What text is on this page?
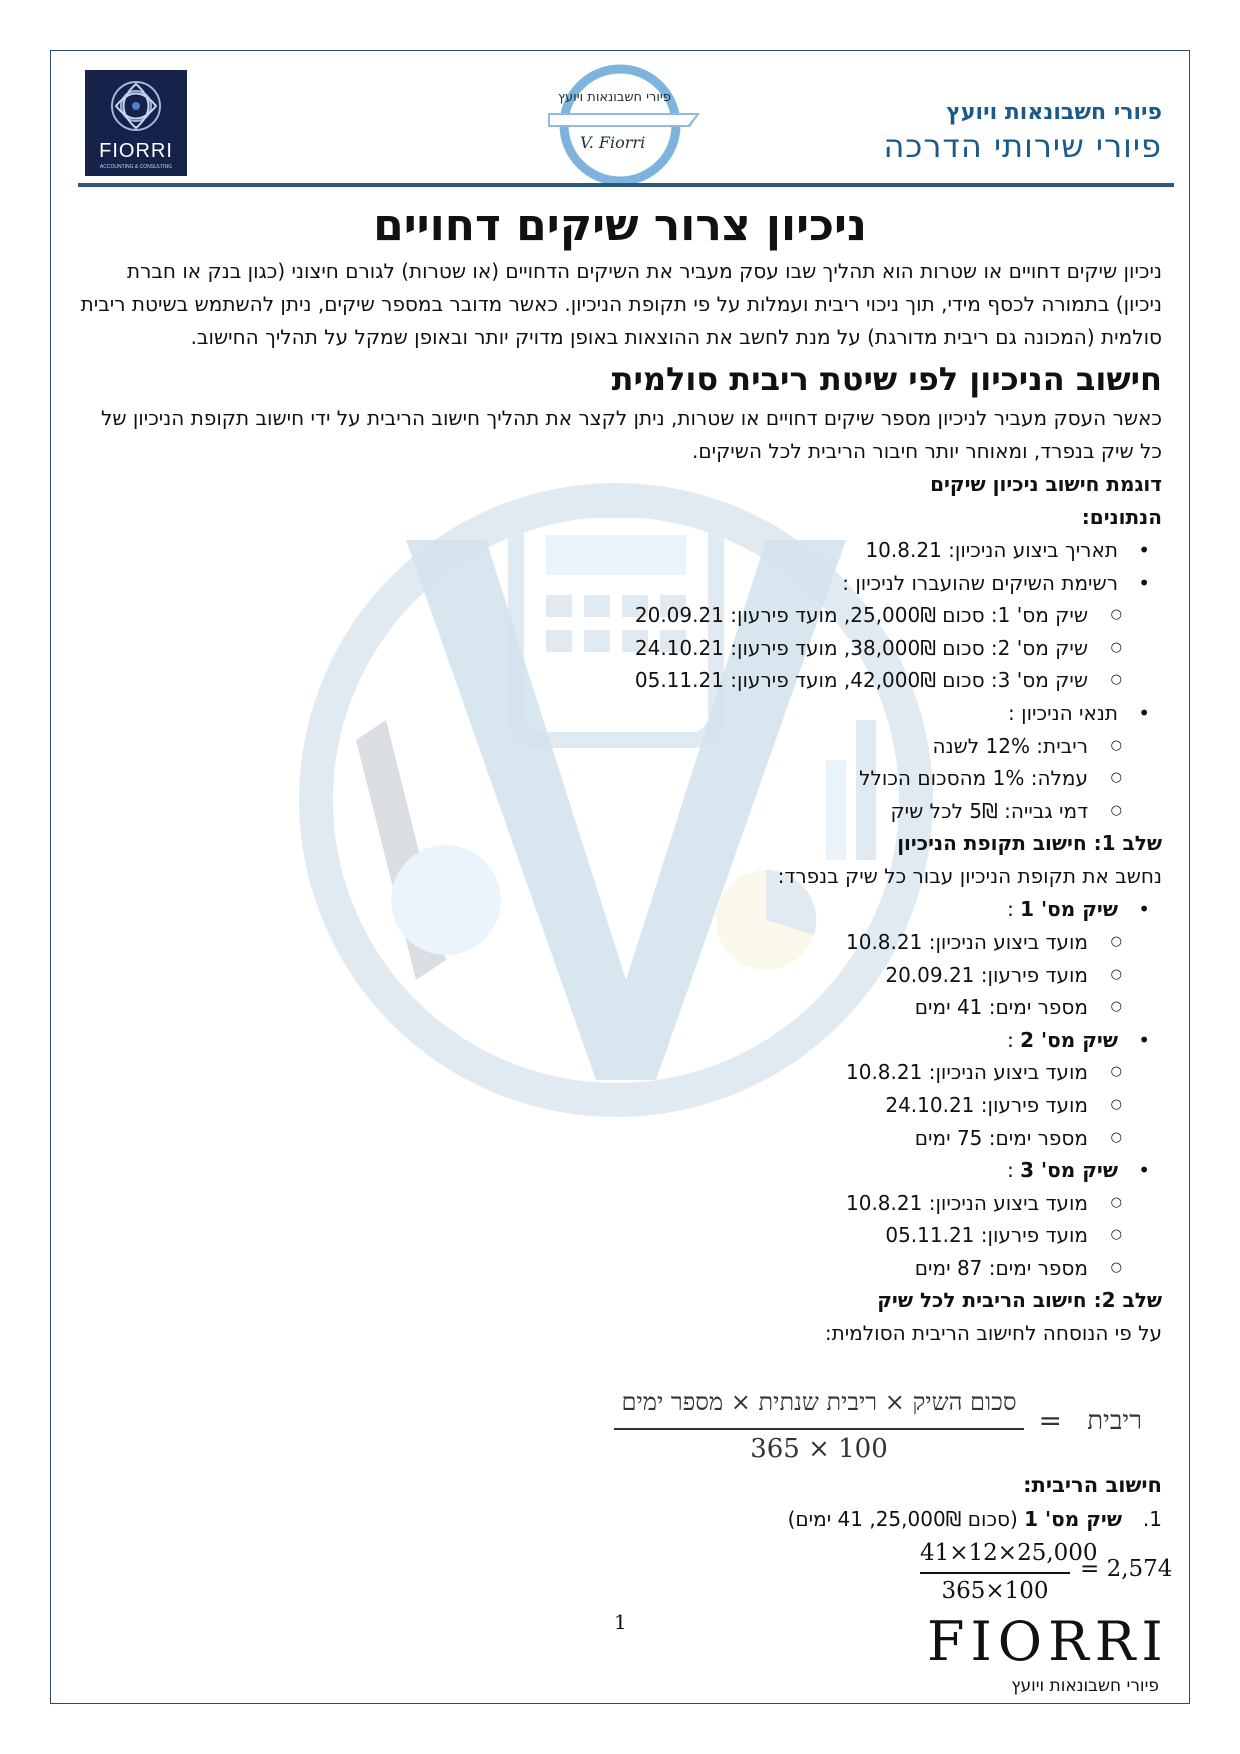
FIORRI
ACCOUNTING & CONSULTING
פיורי חשבונאות ויועץ
V. Fiorri
פיורי חשבונאות ויועץ
פיורי שירותי הדרכה
ניכיון צרור שיקים דחויים

ניכיון שיקים דחויים או שטרות הוא תהליך שבו עסק מעביר את השיקים הדחויים (או שטרות) לגורם חיצוני (כגון בנק או חברת ניכיון) בתמורה לכסף מידי, תוך ניכוי ריבית ועמלות על פי תקופת הניכיון. כאשר מדובר במספר שיקים, ניתן להשתמש בשיטת ריבית סולמית (המכונה גם ריבית מדורגת) על מנת לחשב את ההוצאות באופן מדויק יותר ובאופן שמקל על תהליך החישוב.

חישוב הניכיון לפי שיטת ריבית סולמית

כאשר העסק מעביר לניכיון מספר שיקים דחויים או שטרות, ניתן לקצר את תהליך חישוב הריבית על ידי חישוב תקופת הניכיון של כל שיק בנפרד, ומאוחר יותר חיבור הריבית לכל השיקים.

דוגמת חישוב ניכיון שיקים
הנתונים:
• תאריך ביצוע הניכיון: 10.8.21
• רשימת השיקים שהועברו לניכיון :
○ שיק מס' 1: סכום 25,000₪, מועד פירעון: 20.09.21
○ שיק מס' 2: סכום 38,000₪, מועד פירעון: 24.10.21
○ שיק מס' 3: סכום 42,000₪, מועד פירעון: 05.11.21
• תנאי הניכיון :
○ ריבית: 12% לשנה
○ עמלה: 1% מהסכום הכולל
○ דמי גבייה: 5₪ לכל שיק
שלב 1: חישוב תקופת הניכיון
נחשב את תקופת הניכיון עבור כל שיק בנפרד:
• שיק מס' 1 :
○ מועד ביצוע הניכיון: 10.8.21
○ מועד פירעון: 20.09.21
○ מספר ימים: 41 ימים
• שיק מס' 2 :
○ מועד ביצוע הניכיון: 10.8.21
○ מועד פירעון: 24.10.21
○ מספר ימים: 75 ימים
• שיק מס' 3 :
○ מועד ביצוע הניכיון: 10.8.21
○ מועד פירעון: 05.11.21
○ מספר ימים: 87 ימים
שלב 2: חישוב הריבית לכל שיק
על פי הנוסחה לחישוב הריבית הסולמית:
ריבית
=
סכום השיק × ריבית שנתית × מספר ימים
365 × 100
חישוב הריבית:
1.שיק מס' 1 (סכום 25,000₪, 41 ימים)
41×12×25,000
365×100
= 2,574
1	FIORRI
פיורי חשבונאות ויועץ
